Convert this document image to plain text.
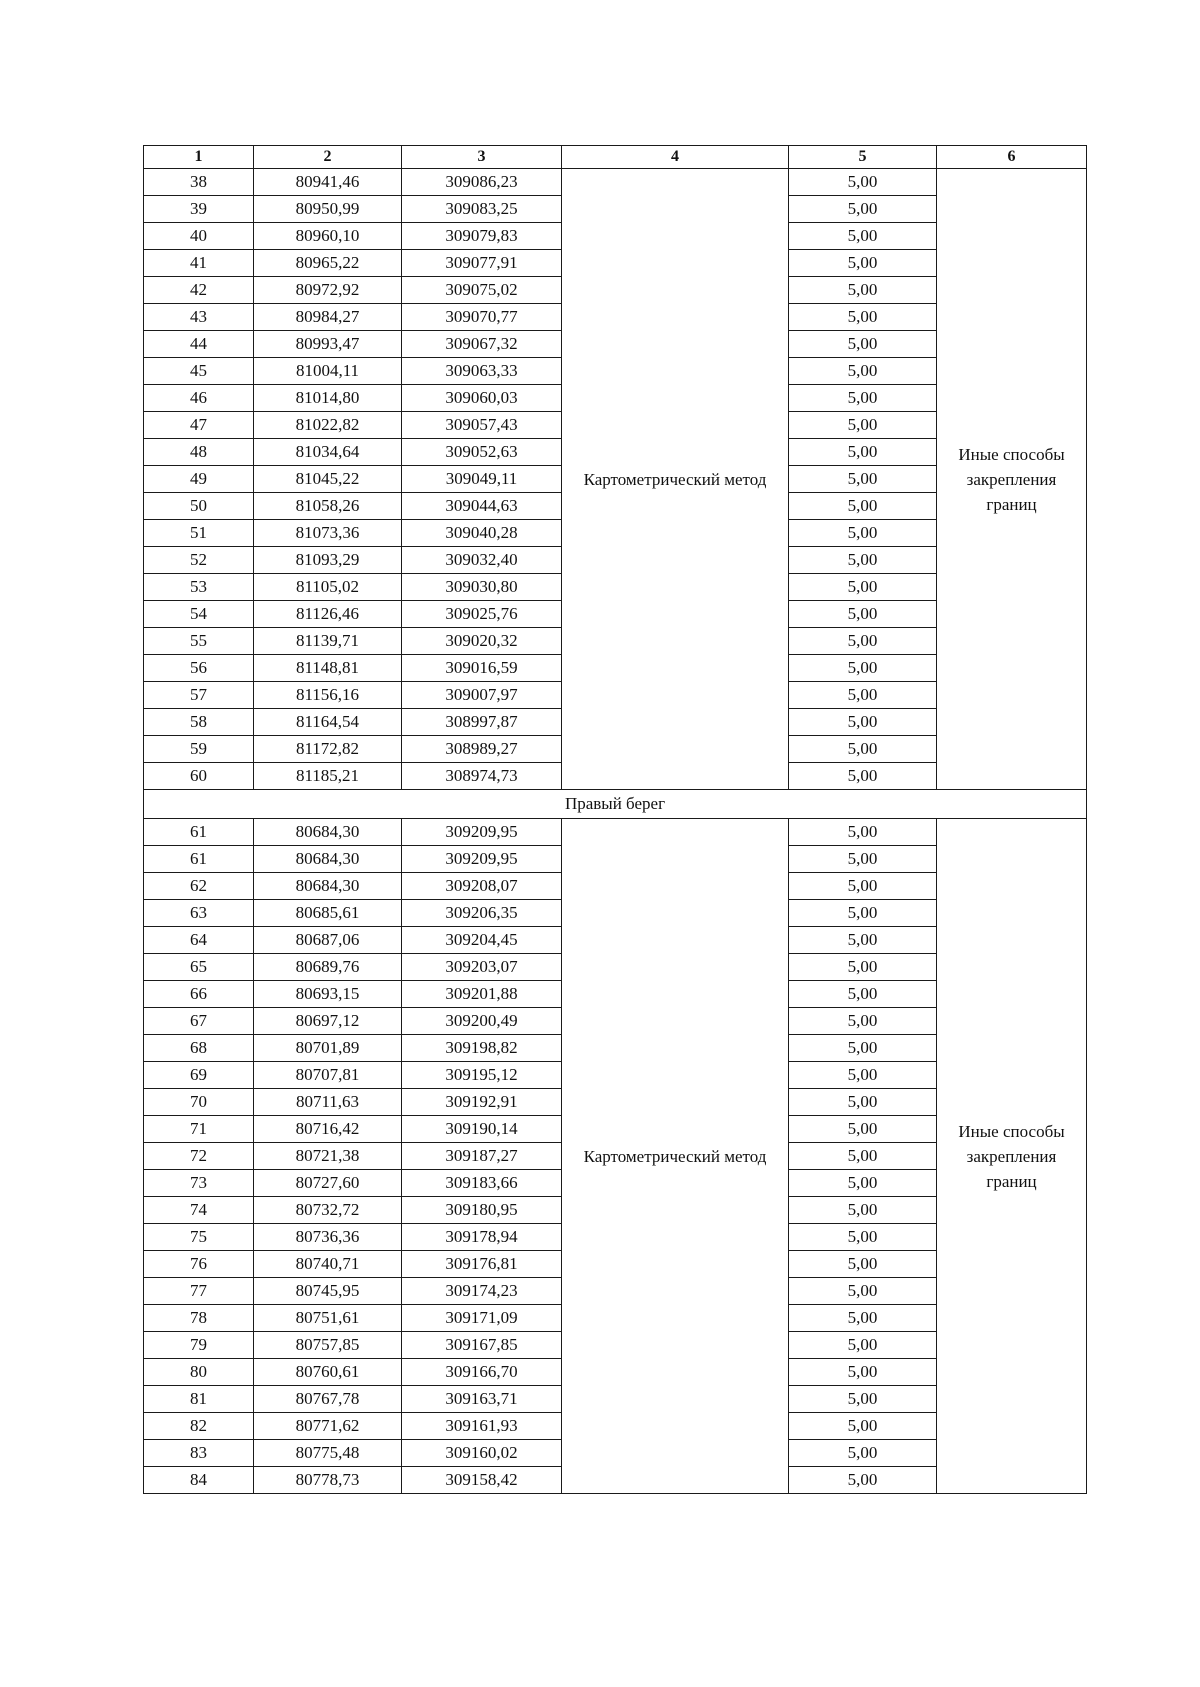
1	2	3	4	5	6
38	80941,46	309086,23	Картометрический метод	5,00	Иные способы
закрепления
границ

39	80950,99	309083,25		5,00	
40	80960,10	309079,83		5,00	
41	80965,22	309077,91		5,00	
42	80972,92	309075,02		5,00	
43	80984,27	309070,77		5,00	
44	80993,47	309067,32		5,00	
45	81004,11	309063,33		5,00	
46	81014,80	309060,03		5,00	
47	81022,82	309057,43		5,00	
48	81034,64	309052,63		5,00	
49	81045,22	309049,11		5,00	
50	81058,26	309044,63		5,00	
51	81073,36	309040,28		5,00	
52	81093,29	309032,40		5,00	
53	81105,02	309030,80		5,00	
54	81126,46	309025,76		5,00	
55	81139,71	309020,32		5,00	
56	81148,81	309016,59		5,00	
57	81156,16	309007,97		5,00	
58	81164,54	308997,87		5,00	
59	81172,82	308989,27		5,00	
60	81185,21	308974,73		5,00	
Правый берег					
61	80684,30	309209,95	Картометрический метод	5,00	Иные способы
закрепления
границ

61	80684,30	309209,95		5,00	
62	80684,30	309208,07		5,00	
63	80685,61	309206,35		5,00	
64	80687,06	309204,45		5,00	
65	80689,76	309203,07		5,00	
66	80693,15	309201,88		5,00	
67	80697,12	309200,49		5,00	
68	80701,89	309198,82		5,00	
69	80707,81	309195,12		5,00	
70	80711,63	309192,91		5,00	
71	80716,42	309190,14		5,00	
72	80721,38	309187,27		5,00	
73	80727,60	309183,66		5,00	
74	80732,72	309180,95		5,00	
75	80736,36	309178,94		5,00	
76	80740,71	309176,81		5,00	
77	80745,95	309174,23		5,00	
78	80751,61	309171,09		5,00	
79	80757,85	309167,85		5,00	
80	80760,61	309166,70		5,00	
81	80767,78	309163,71		5,00	
82	80771,62	309161,93		5,00	
83	80775,48	309160,02		5,00	
84	80778,73	309158,42		5,00	
